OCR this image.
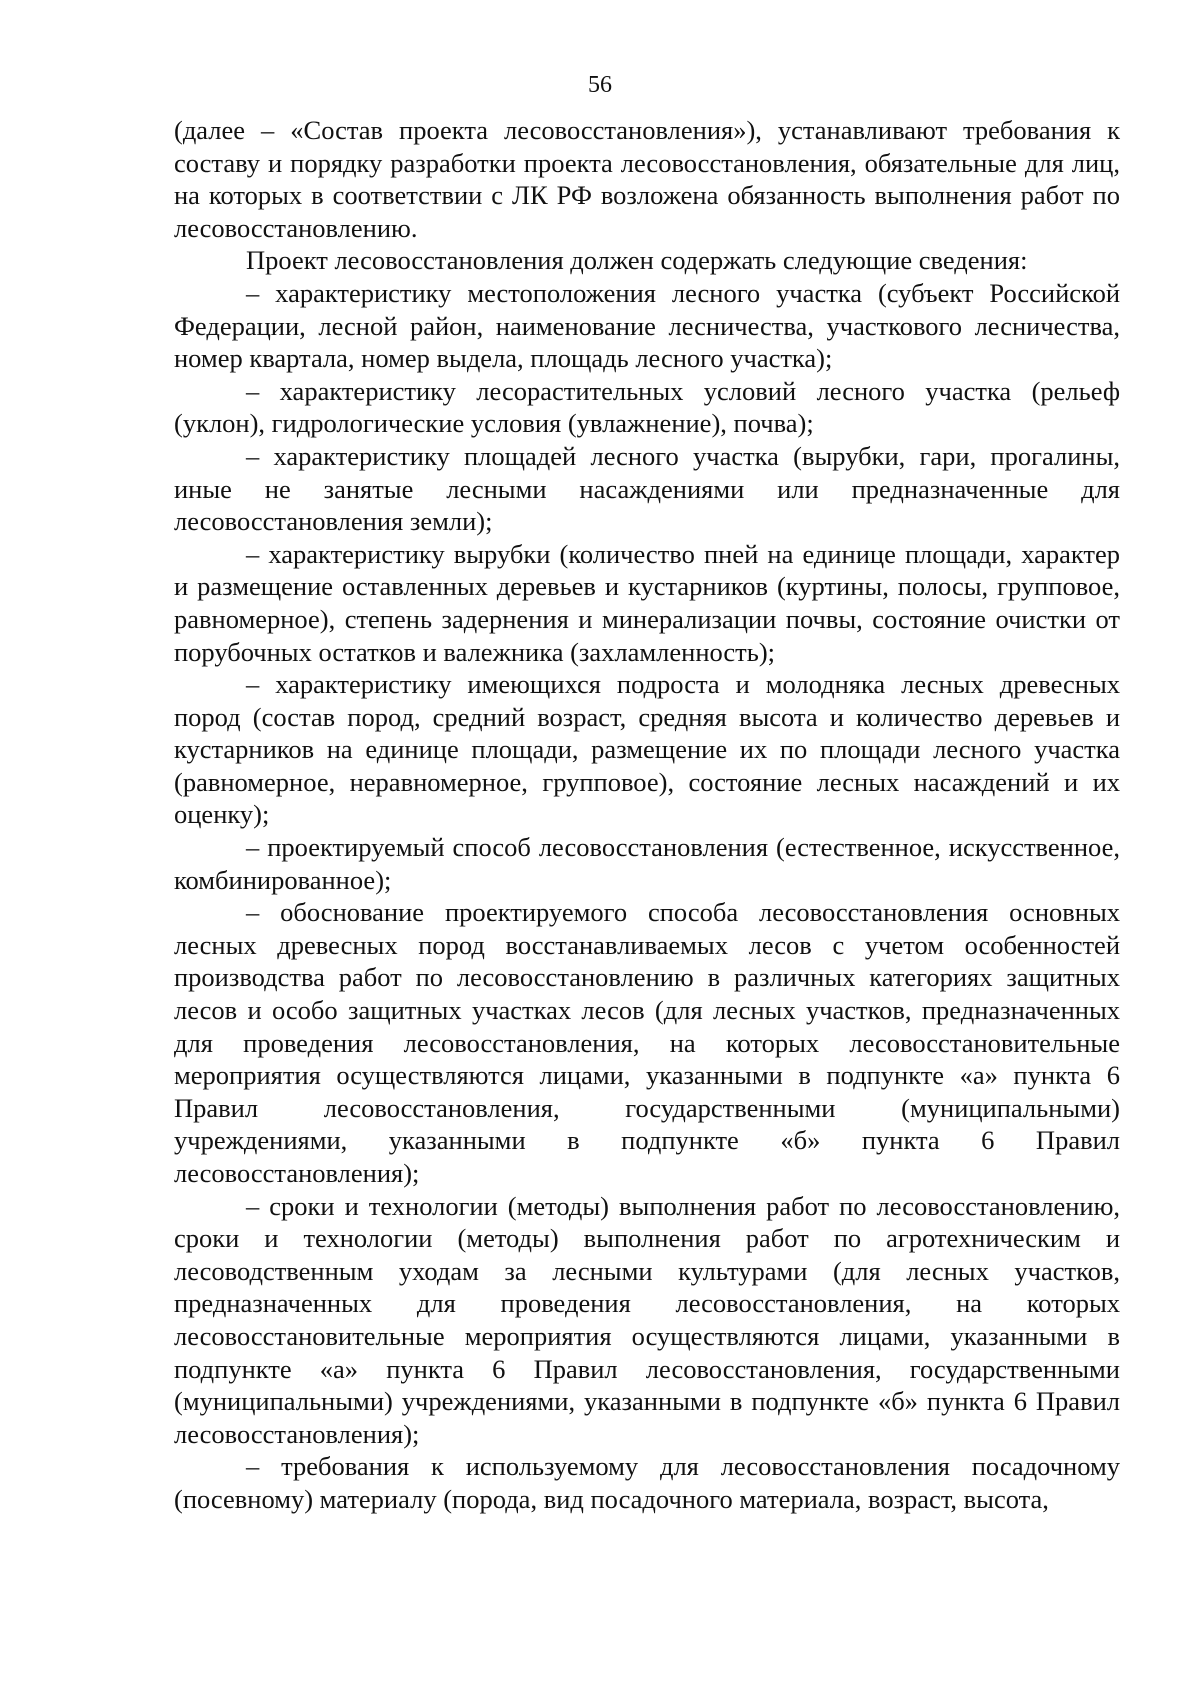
56

(далее – «Состав проекта лесовосстановления»), устанавливают требования к составу и порядку разработки проекта лесовосстановления, обязательные для лиц, на которых в соответствии с ЛК РФ возложена обязанность выполнения работ по лесовосстановлению.

Проект лесовосстановления должен содержать следующие сведения:

– характеристику местоположения лесного участка (субъект Российской Федерации, лесной район, наименование лесничества, участкового лесничества, номер квартала, номер выдела, площадь лесного участка);

– характеристику лесорастительных условий лесного участка (рельеф (уклон), гидрологические условия (увлажнение), почва);

– характеристику площадей лесного участка (вырубки, гари, прогалины, иные не занятые лесными насаждениями или предназначенные для лесовосстановления земли);

– характеристику вырубки (количество пней на единице площади, характер и размещение оставленных деревьев и кустарников (куртины, полосы, групповое, равномерное), степень задернения и минерализации почвы, состояние очистки от порубочных остатков и валежника (захламленность);

– характеристику имеющихся подроста и молодняка лесных древесных пород (состав пород, средний возраст, средняя высота и количество деревьев и кустарников на единице площади, размещение их по площади лесного участка (равномерное, неравномерное, групповое), состояние лесных насаждений и их оценку);

– проектируемый способ лесовосстановления (естественное, искусственное, комбинированное);

– обоснование проектируемого способа лесовосстановления основных лесных древесных пород восстанавливаемых лесов с учетом особенностей производства работ по лесовосстановлению в различных категориях защитных лесов и особо защитных участках лесов (для лесных участков, предназначенных для проведения лесовосстановления, на которых лесовосстановительные мероприятия осуществляются лицами, указанными в подпункте «а» пункта 6 Правил лесовосстановления, государственными (муниципальными) учреждениями, указанными в подпункте «б» пункта 6 Правил лесовосстановления);

– сроки и технологии (методы) выполнения работ по лесовосстановлению, сроки и технологии (методы) выполнения работ по агротехническим и лесоводственным уходам за лесными культурами (для лесных участков, предназначенных для проведения лесовосстановления, на которых лесовосстановительные мероприятия осуществляются лицами, указанными в подпункте «а» пункта 6 Правил лесовосстановления, государственными (муниципальными) учреждениями, указанными в подпункте «б» пункта 6 Правил лесовосстановления);

– требования к используемому для лесовосстановления посадочному (посевному) материалу (порода, вид посадочного материала, возраст, высота,
